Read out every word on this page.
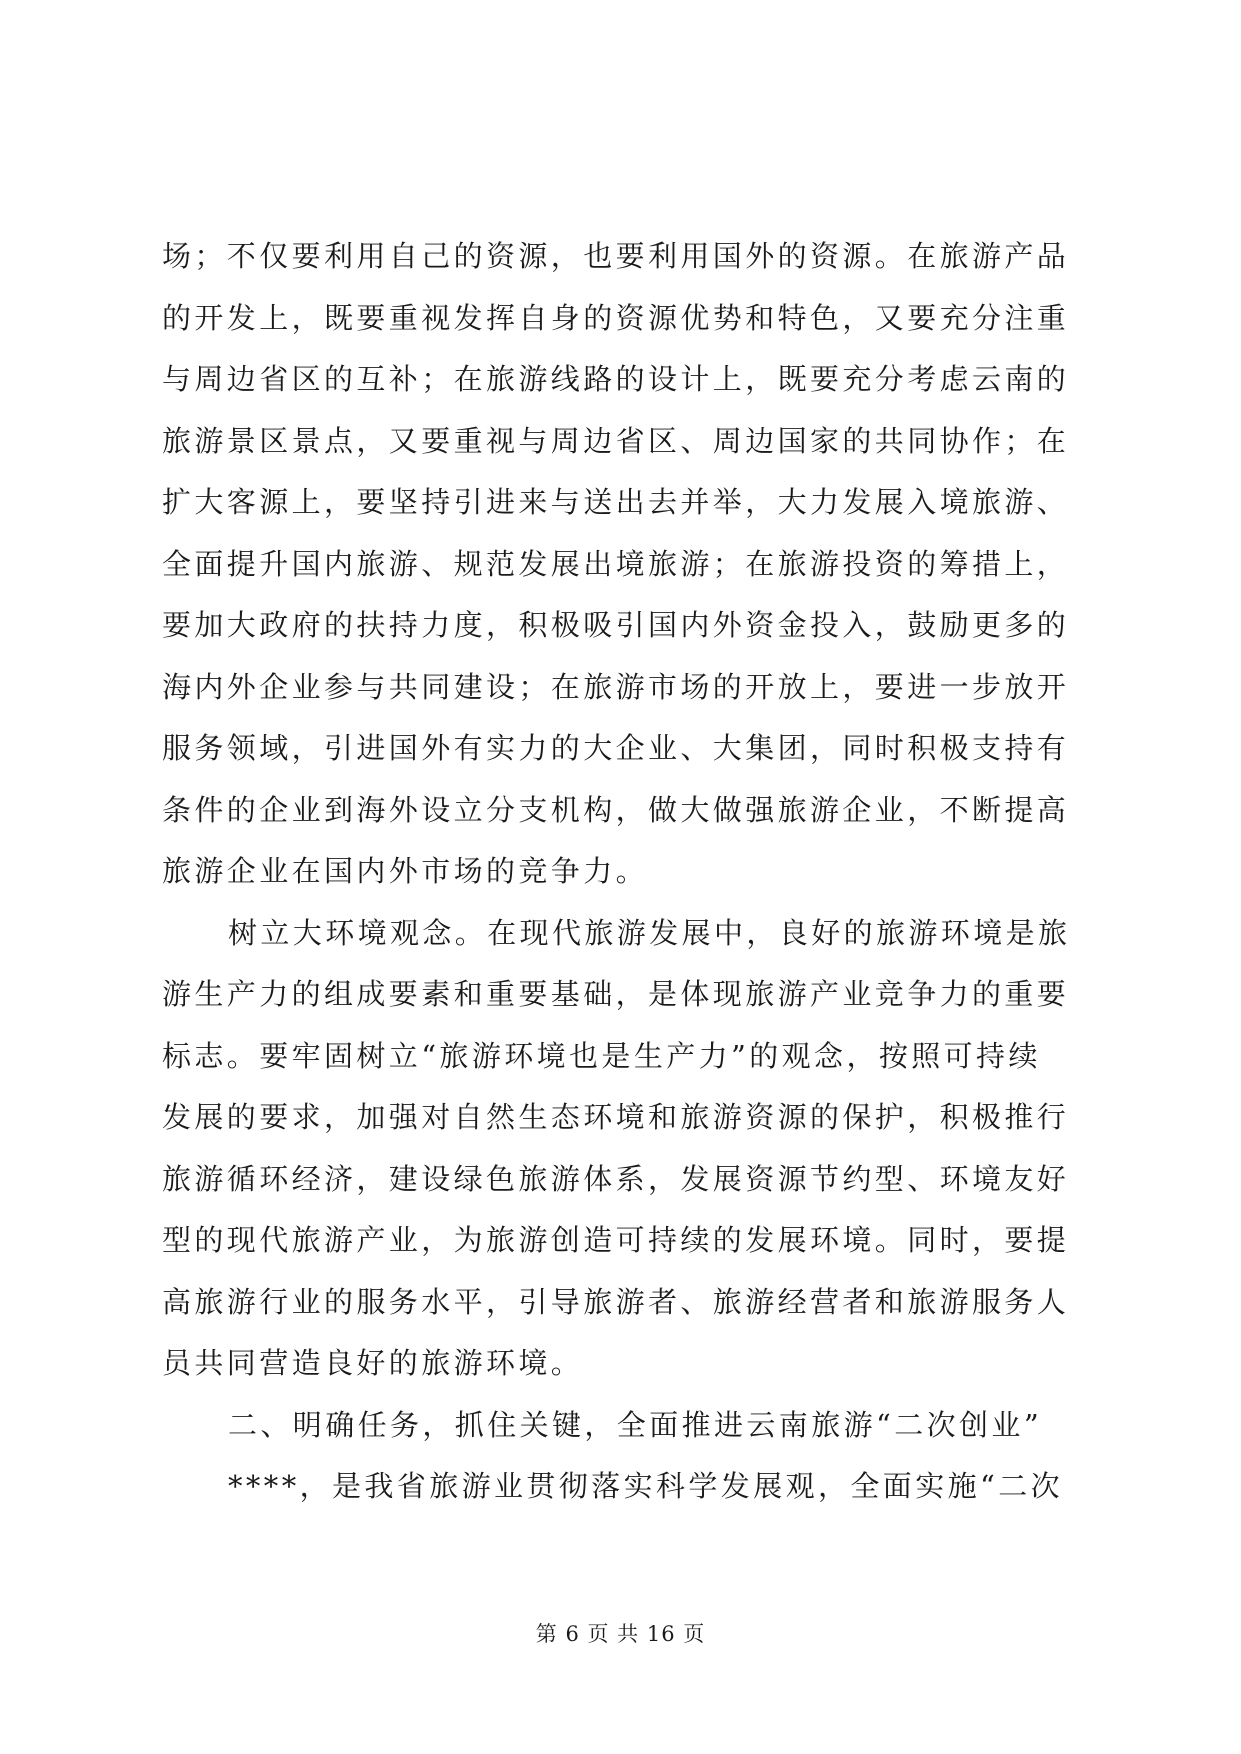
场；不仅要利用自己的资源，也要利用国外的资源。在旅游产品
的开发上，既要重视发挥自身的资源优势和特色，又要充分注重
与周边省区的互补；在旅游线路的设计上，既要充分考虑云南的
旅游景区景点，又要重视与周边省区、周边国家的共同协作；在
扩大客源上，要坚持引进来与送出去并举，大力发展入境旅游、
全面提升国内旅游、规范发展出境旅游；在旅游投资的筹措上，
要加大政府的扶持力度，积极吸引国内外资金投入，鼓励更多的
海内外企业参与共同建设；在旅游市场的开放上，要进一步放开
服务领域，引进国外有实力的大企业、大集团，同时积极支持有
条件的企业到海外设立分支机构，做大做强旅游企业，不断提高
旅游企业在国内外市场的竞争力。

树立大环境观念。在现代旅游发展中，良好的旅游环境是旅
游生产力的组成要素和重要基础，是体现旅游产业竞争力的重要
标志。要牢固树立“旅游环境也是生产力”的观念，按照可持续
发展的要求，加强对自然生态环境和旅游资源的保护，积极推行
旅游循环经济，建设绿色旅游体系，发展资源节约型、环境友好
型的现代旅游产业，为旅游创造可持续的发展环境。同时，要提
高旅游行业的服务水平，引导旅游者、旅游经营者和旅游服务人
员共同营造良好的旅游环境。

二、明确任务，抓住关键，全面推进云南旅游“二次创业”

****，是我省旅游业贯彻落实科学发展观，全面实施“二次

第 6 页 共 16 页
